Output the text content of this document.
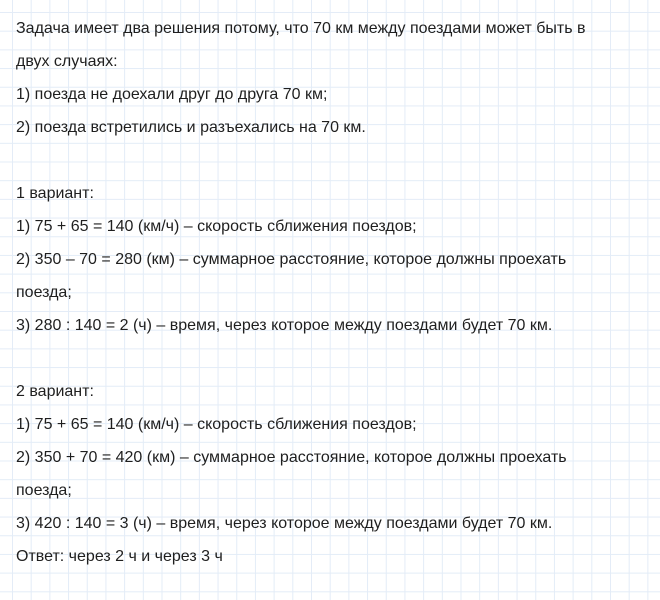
Задача имеет два решения потому, что 70 км между поездами может быть в

двух случаях:

1) поезда не доехали друг до друга 70 км;

2) поезда встретились и разъехались на 70 км.

1 вариант:

1) 75 + 65 = 140 (км/ч) – скорость сближения поездов;

2) 350 – 70 = 280 (км) – суммарное расстояние, которое должны проехать

поезда;

3) 280 : 140 = 2 (ч) – время, через которое между поездами будет 70 км.

2 вариант:

1) 75 + 65 = 140 (км/ч) – скорость сближения поездов;

2) 350 + 70 = 420 (км) – суммарное расстояние, которое должны проехать

поезда;

3) 420 : 140 = 3 (ч) – время, через которое между поездами будет 70 км.

Ответ: через 2 ч и через 3 ч
